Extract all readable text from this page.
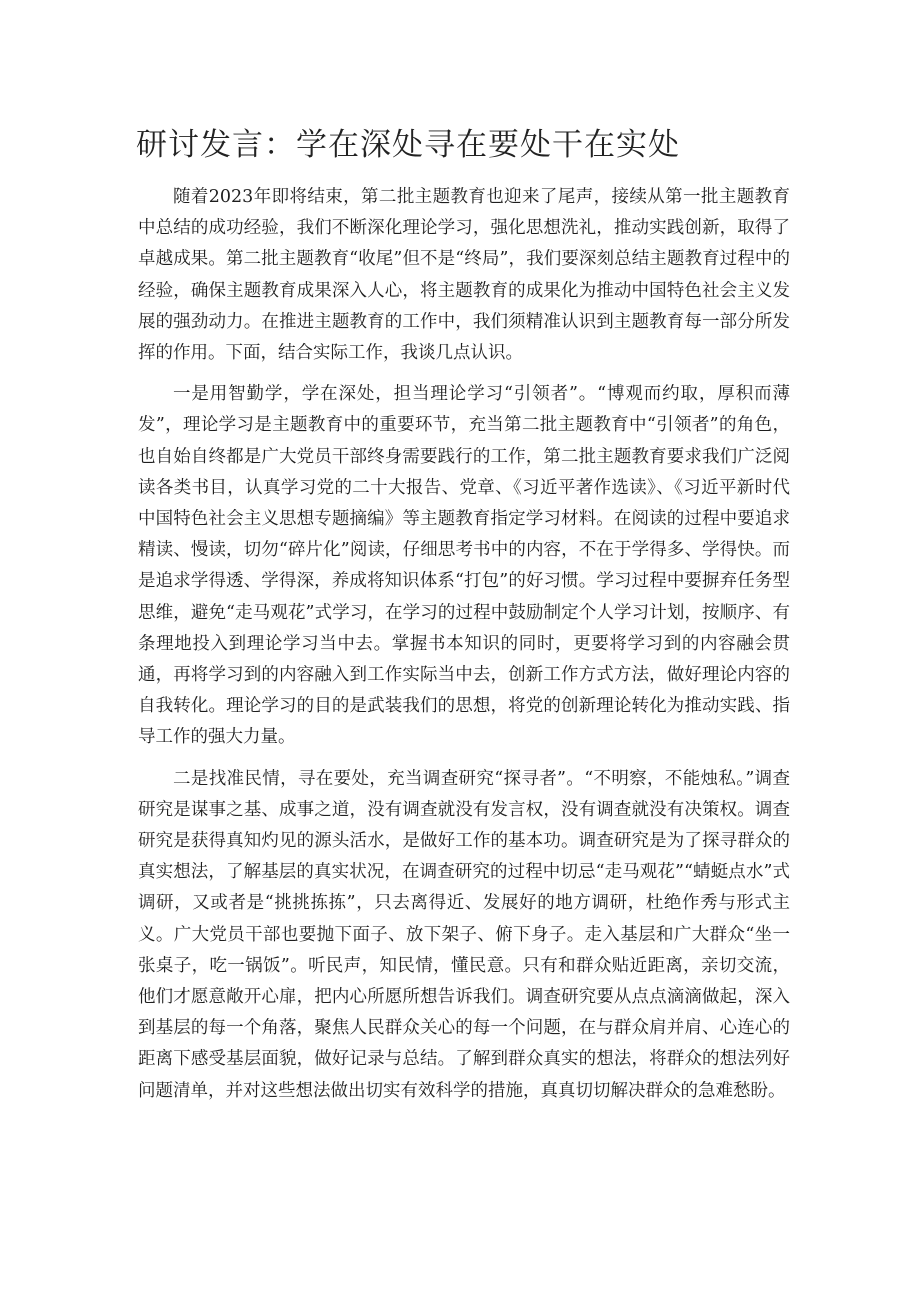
研讨发言：学在深处寻在要处干在实处

随着2023年即将结束，第二批主题教育也迎来了尾声，接续从第一批主题教育中总结的成功经验，我们不断深化理论学习，强化思想洗礼，推动实践创新，取得了卓越成果。第二批主题教育“收尾”但不是“终局”，我们要深刻总结主题教育过程中的经验，确保主题教育成果深入人心，将主题教育的成果化为推动中国特色社会主义发展的强劲动力。在推进主题教育的工作中，我们须精准认识到主题教育每一部分所发挥的作用。下面，结合实际工作，我谈几点认识。

一是用智勤学，学在深处，担当理论学习“引领者”。“博观而约取，厚积而薄发”，理论学习是主题教育中的重要环节，充当第二批主题教育中“引领者”的角色，也自始自终都是广大党员干部终身需要践行的工作，第二批主题教育要求我们广泛阅读各类书目，认真学习党的二十大报告、党章、《习近平著作选读》、《习近平新时代中国特色社会主义思想专题摘编》等主题教育指定学习材料。在阅读的过程中要追求精读、慢读，切勿“碎片化”阅读，仔细思考书中的内容，不在于学得多、学得快。而是追求学得透、学得深，养成将知识体系“打包”的好习惯。学习过程中要摒弃任务型思维，避免“走马观花”式学习，在学习的过程中鼓励制定个人学习计划，按顺序、有条理地投入到理论学习当中去。掌握书本知识的同时，更要将学习到的内容融会贯通，再将学习到的内容融入到工作实际当中去，创新工作方式方法，做好理论内容的自我转化。理论学习的目的是武装我们的思想，将党的创新理论转化为推动实践、指导工作的强大力量。

二是找准民情，寻在要处，充当调查研究“探寻者”。“不明察，不能烛私。”调查研究是谋事之基、成事之道，没有调查就没有发言权，没有调查就没有决策权。调查研究是获得真知灼见的源头活水，是做好工作的基本功。调查研究是为了探寻群众的真实想法，了解基层的真实状况，在调查研究的过程中切忌“走马观花”“蜻蜓点水”式调研，又或者是“挑挑拣拣”，只去离得近、发展好的地方调研，杜绝作秀与形式主义。广大党员干部也要抛下面子、放下架子、俯下身子。走入基层和广大群众“坐一张桌子，吃一锅饭”。听民声，知民情，懂民意。只有和群众贴近距离，亲切交流，他们才愿意敞开心扉，把内心所愿所想告诉我们。调查研究要从点点滴滴做起，深入到基层的每一个角落，聚焦人民群众关心的每一个问题，在与群众肩并肩、心连心的距离下感受基层面貌，做好记录与总结。了解到群众真实的想法，将群众的想法列好问题清单，并对这些想法做出切实有效科学的措施，真真切切解决群众的急难愁盼。
